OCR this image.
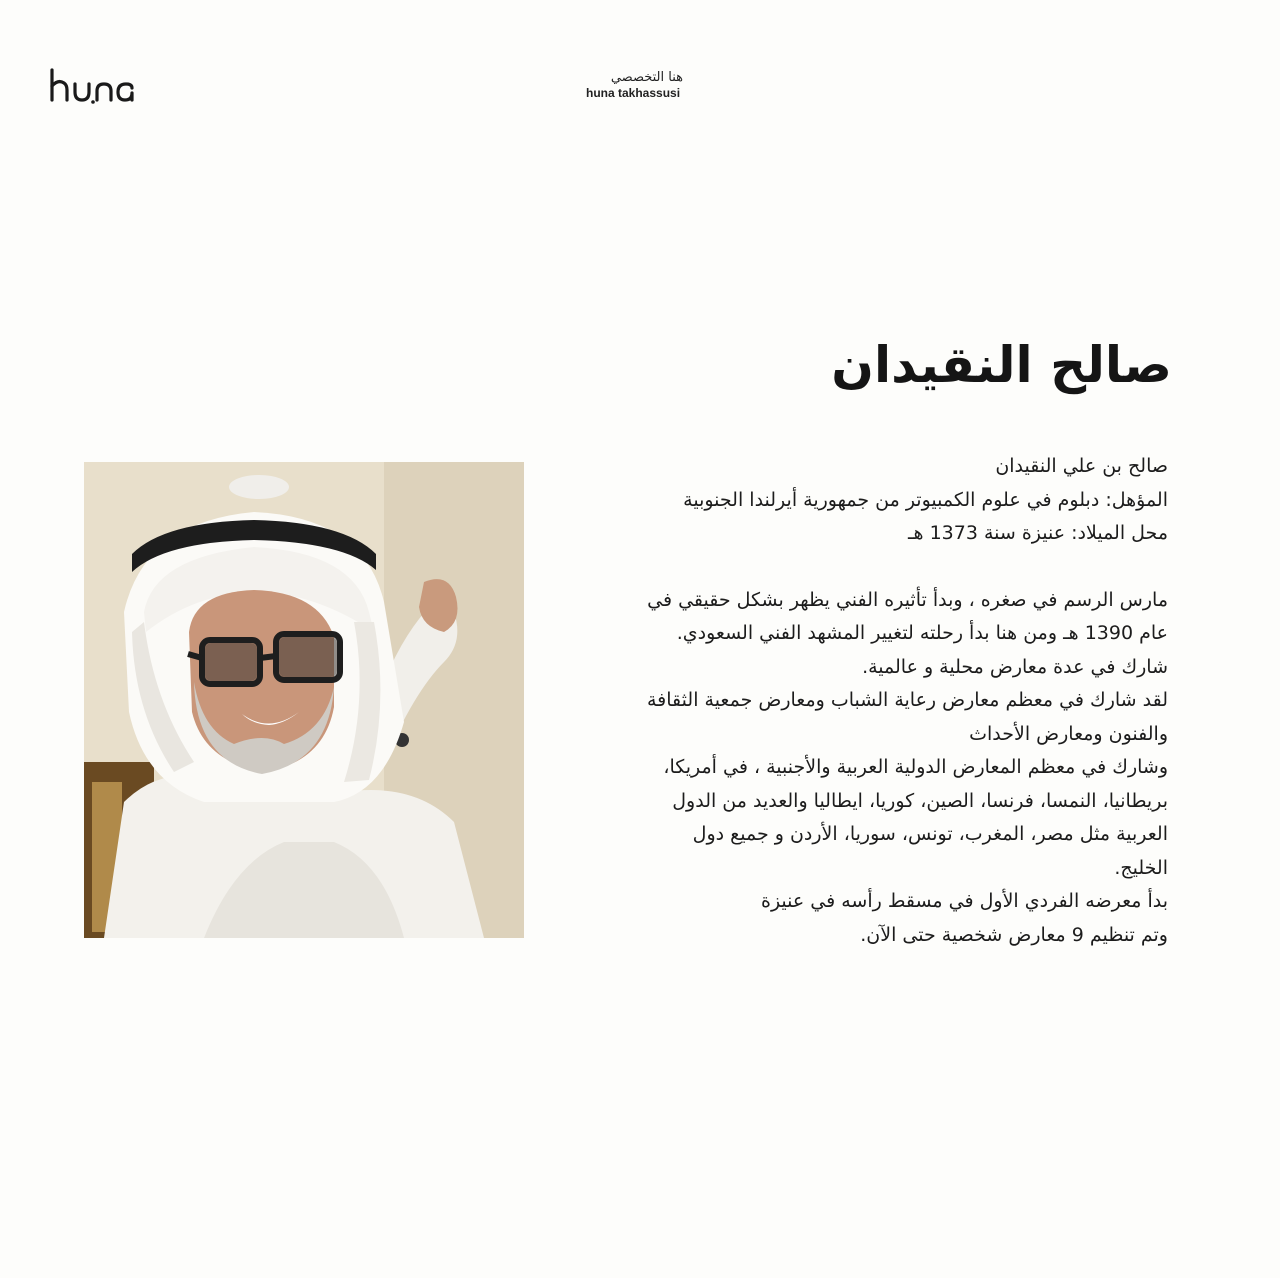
هنا التخصصي
huna takhassusi
صالح النقيدان
صالح بن علي النقيدان
المؤهل: دبلوم في علوم الكمبيوتر من جمهورية أيرلندا الجنوبية
محل الميلاد: عنيزة سنة 1373 هـ
مارس الرسم في صغره ، وبدأ تأثيره الفني يظهر بشكل حقيقي في
عام 1390 هـ ومن هنا بدأ رحلته لتغيير المشهد الفني السعودي.
شارك في عدة معارض محلية و عالمية.
لقد شارك في معظم معارض رعاية الشباب ومعارض جمعية الثقافة
والفنون ومعارض الأحداث
وشارك في معظم المعارض الدولية العربية والأجنبية ، في أمريكا،
بريطانيا، النمسا، فرنسا، الصين، كوريا، ايطاليا والعديد من الدول
العربية مثل مصر، المغرب، تونس، سوريا، الأردن و جميع دول
الخليج.
بدأ معرضه الفردي الأول في مسقط رأسه في عنيزة
وتم تنظيم 9 معارض شخصية حتى الآن.
